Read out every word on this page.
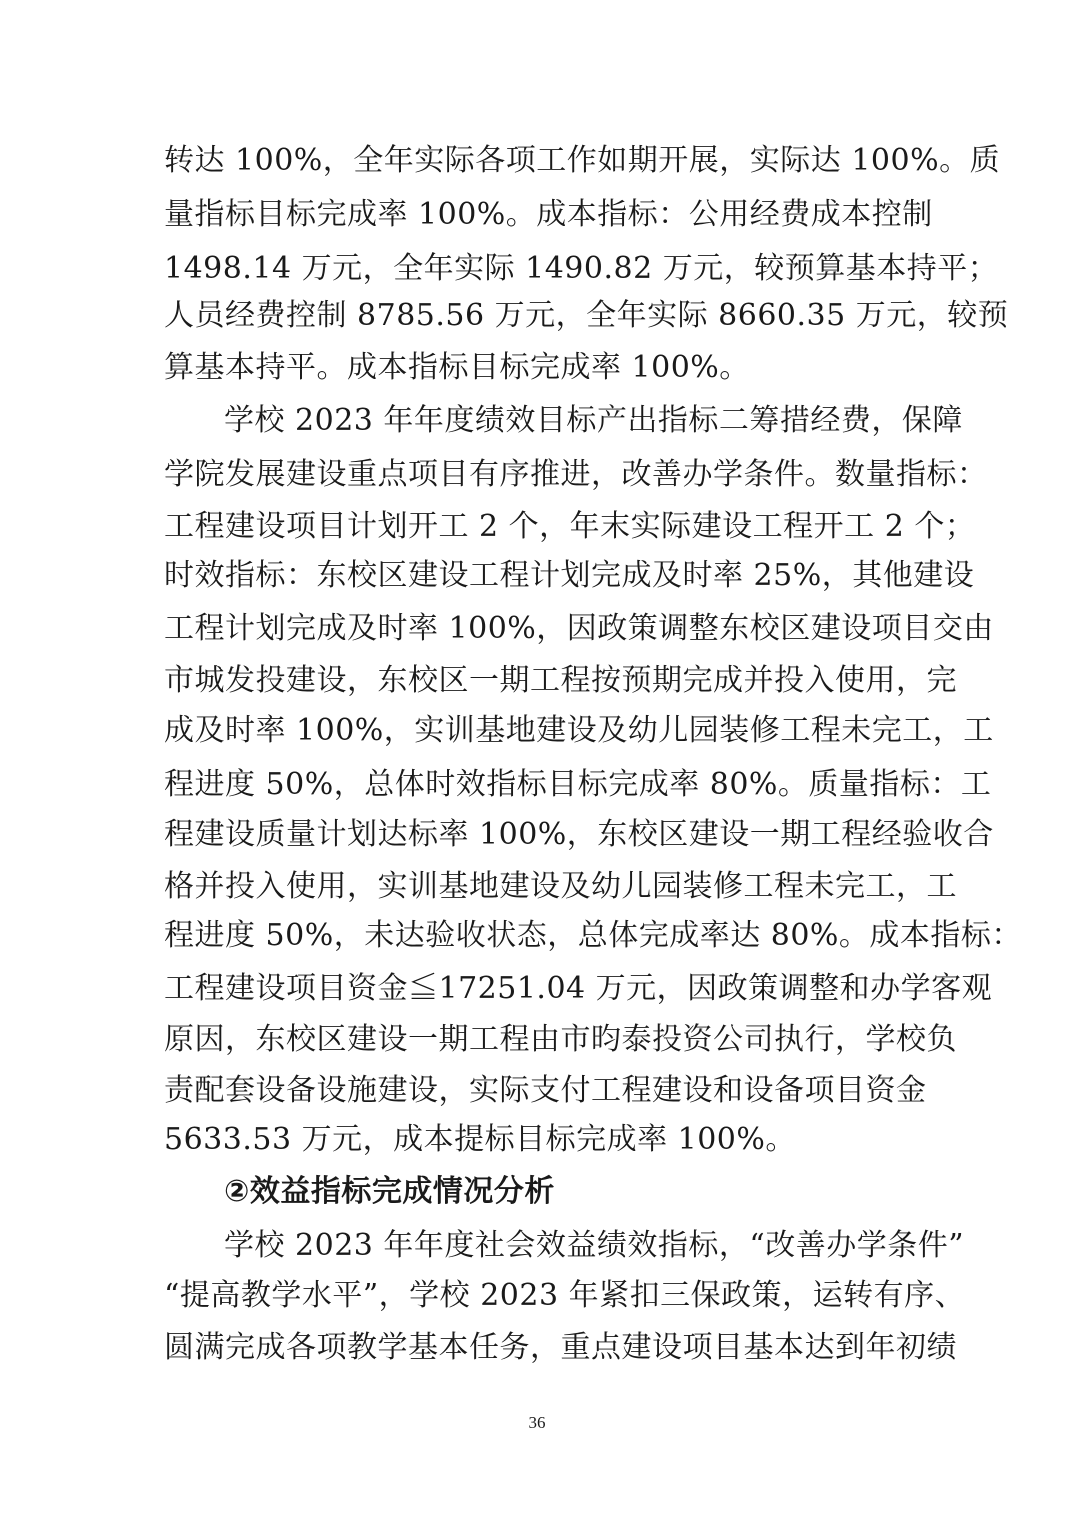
转达 100%，全年实际各项工作如期开展，实际达 100%。质
量指标目标完成率 100%。成本指标：公用经费成本控制
1498.14 万元，全年实际 1490.82 万元，较预算基本持平；
人员经费控制 8785.56 万元，全年实际 8660.35 万元，较预
算基本持平。成本指标目标完成率 100%。
学校 2023 年年度绩效目标产出指标二筹措经费，保障
学院发展建设重点项目有序推进，改善办学条件。数量指标：
工程建设项目计划开工 2 个，年末实际建设工程开工 2 个；
时效指标：东校区建设工程计划完成及时率 25%，其他建设
工程计划完成及时率 100%，因政策调整东校区建设项目交由
市城发投建设，东校区一期工程按预期完成并投入使用，完
成及时率 100%，实训基地建设及幼儿园装修工程未完工，工
程进度 50%，总体时效指标目标完成率 80%。质量指标：工
程建设质量计划达标率 100%，东校区建设一期工程经验收合
格并投入使用，实训基地建设及幼儿园装修工程未完工，工
程进度 50%，未达验收状态，总体完成率达 80%。成本指标：
工程建设项目资金≦17251.04 万元，因政策调整和办学客观
原因，东校区建设一期工程由市昀泰投资公司执行，学校负
责配套设备设施建设，实际支付工程建设和设备项目资金
5633.53 万元，成本提标目标完成率 100%。
②效益指标完成情况分析
学校 2023 年年度社会效益绩效指标，“改善办学条件”
“提高教学水平”，学校 2023 年紧扣三保政策，运转有序、
圆满完成各项教学基本任务，重点建设项目基本达到年初绩
36
